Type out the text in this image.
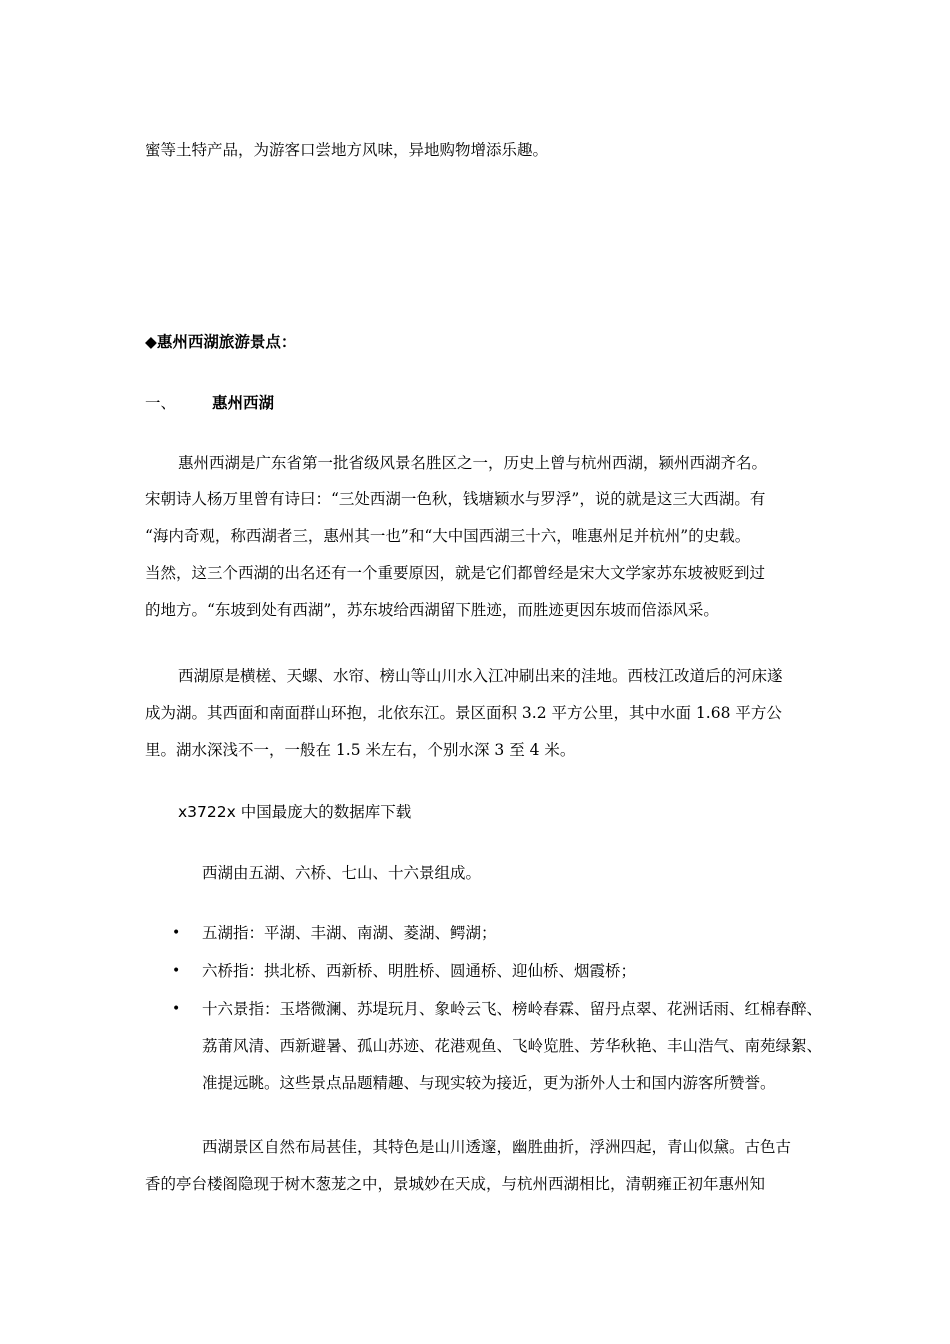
蜜等土特产品，为游客口尝地方风味，异地购物增添乐趣。
◆惠州西湖旅游景点：
一、 惠州西湖
惠州西湖是广东省第一批省级风景名胜区之一，历史上曾与杭州西湖，颍州西湖齐名。
宋朝诗人杨万里曾有诗曰：“三处西湖一色秋，钱塘颖水与罗浮”，说的就是这三大西湖。有
“海内奇观，称西湖者三，惠州其一也”和“大中国西湖三十六，唯惠州足并杭州”的史载。
当然，这三个西湖的出名还有一个重要原因，就是它们都曾经是宋大文学家苏东坡被贬到过
的地方。“东坡到处有西湖”，苏东坡给西湖留下胜迹，而胜迹更因东坡而倍添风采。
西湖原是横槎、天螺、水帘、榜山等山川水入江冲刷出来的洼地。西枝江改道后的河床遂
成为湖。其西面和南面群山环抱，北依东江。景区面积 3.2 平方公里，其中水面 1.68 平方公
里。湖水深浅不一，一般在 1.5 米左右，个别水深 3 至 4 米。
x3722x 中国最庞大的数据库下载
西湖由五湖、六桥、七山、十六景组成。
• 五湖指：平湖、丰湖、南湖、菱湖、鳄湖；
• 六桥指：拱北桥、西新桥、明胜桥、圆通桥、迎仙桥、烟霞桥；
• 十六景指：玉塔微澜、苏堤玩月、象岭云飞、榜岭春霖、留丹点翠、花洲话雨、红棉春醉、
荔莆风清、西新避暑、孤山苏迹、花港观鱼、飞岭览胜、芳华秋艳、丰山浩气、南苑绿絮、
准提远眺。这些景点品题精趣、与现实较为接近，更为浙外人士和国内游客所赞誉。
西湖景区自然布局甚佳，其特色是山川透邃，幽胜曲折，浮洲四起，青山似黛。古色古
香的亭台楼阁隐现于树木葱茏之中，景城妙在天成，与杭州西湖相比，清朝雍正初年惠州知
